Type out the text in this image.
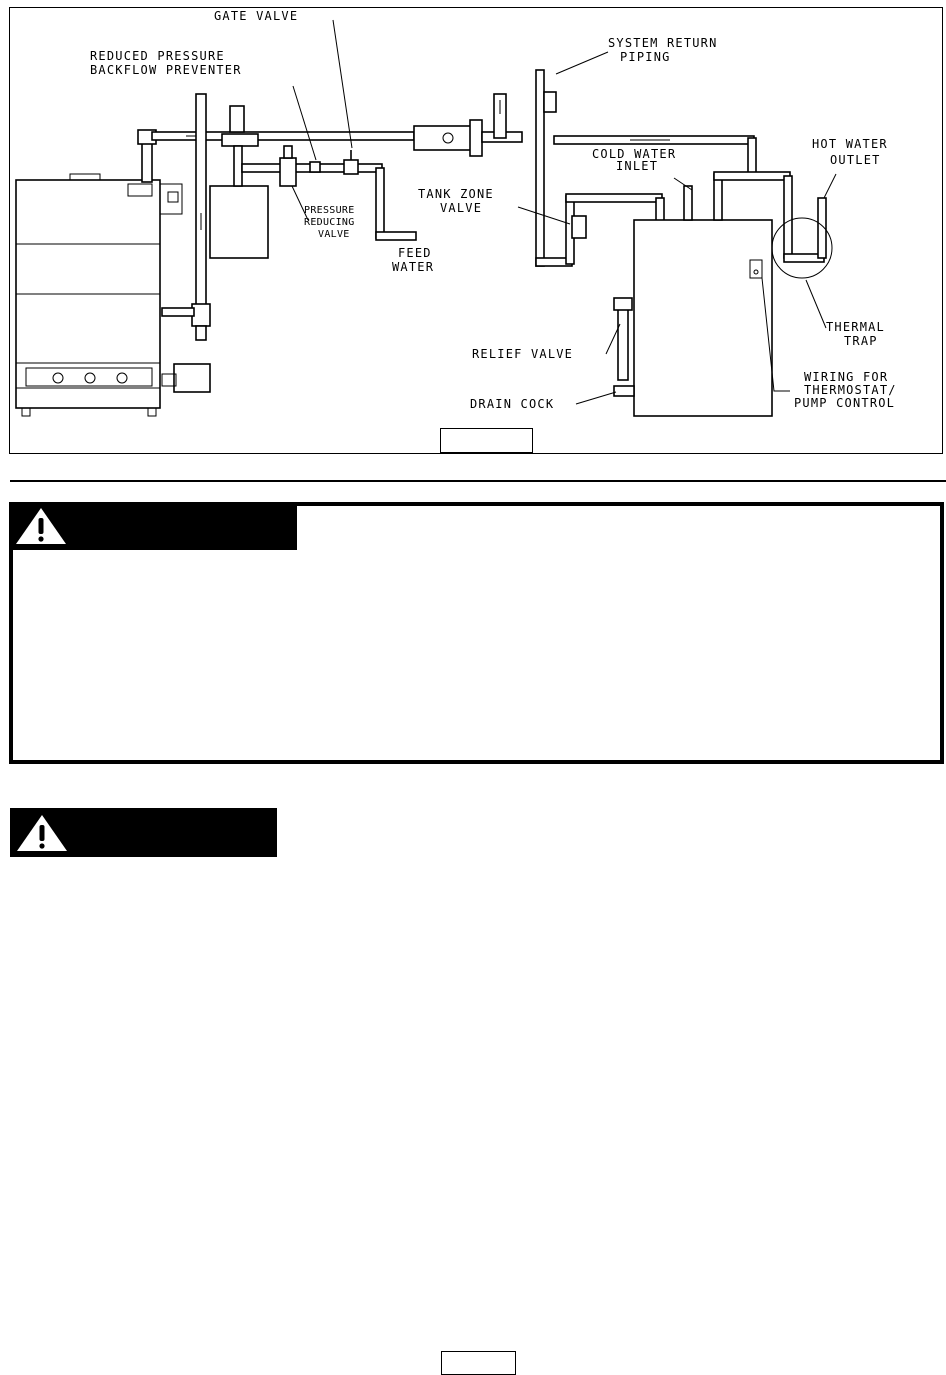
GATE VALVE
REDUCED PRESSURE
BACKFLOW PREVENTER
PRESSURE
REDUCING
VALVE
FEED
WATER
SYSTEM RETURN
PIPING
COLD WATER
INLET
TANK ZONE
VALVE
HOT WATER
OUTLET
THERMAL
TRAP
RELIEF VALVE
DRAIN COCK
WIRING FOR
THERMOSTAT/
PUMP CONTROL
